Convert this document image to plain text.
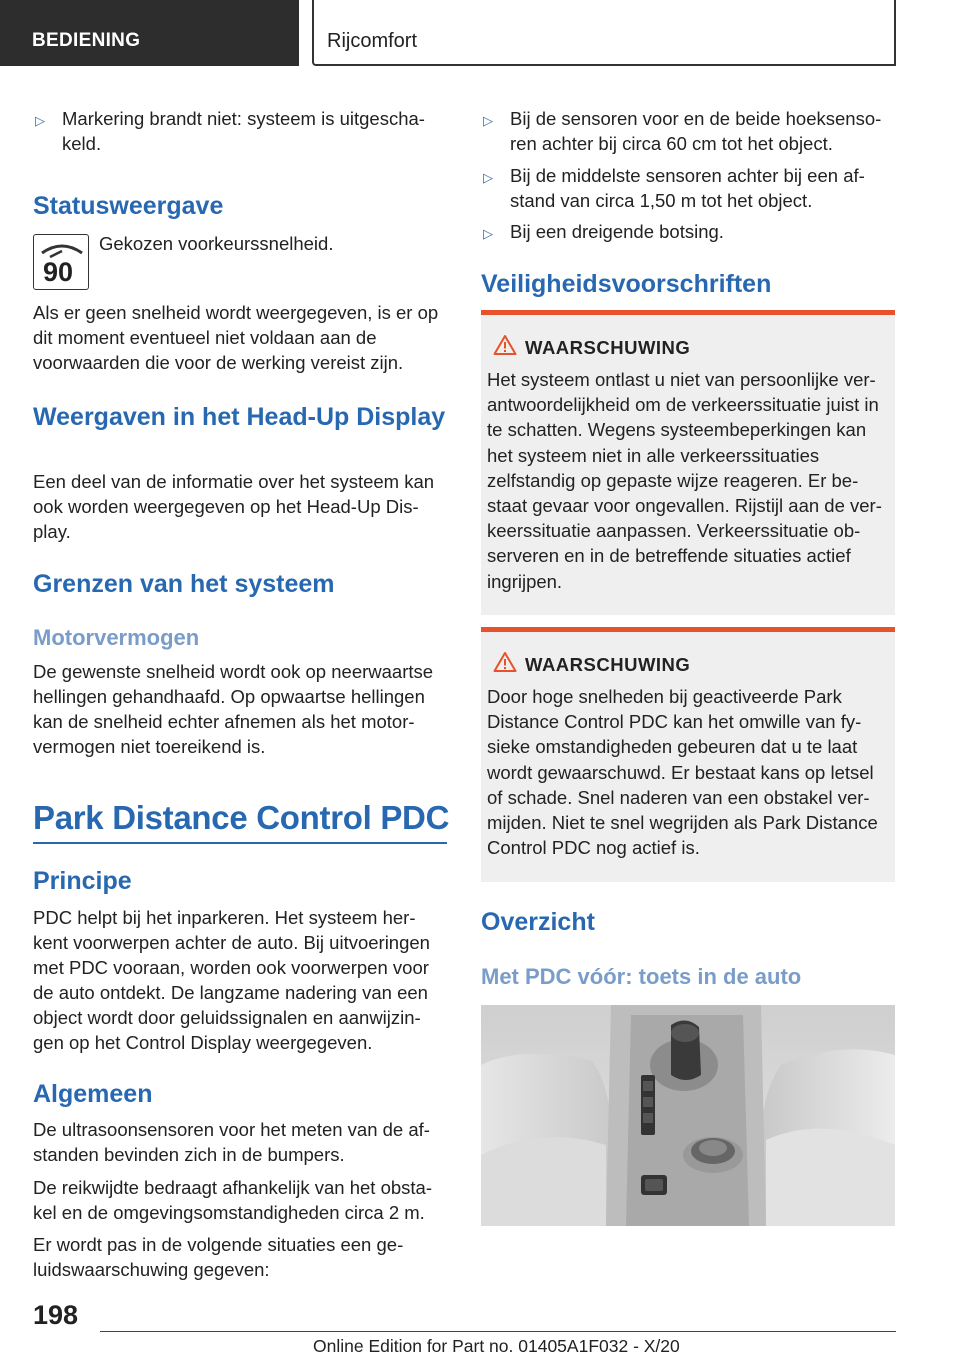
BEDIENING	Rijcomfort
▷ Markering brandt niet: systeem is uitgescha-
keld.
Statusweergave
90
Gekozen voorkeurssnelheid.
Als er geen snelheid wordt weergegeven, is er op dit moment eventueel niet voldaan aan de voorwaarden die voor de werking vereist zijn.
Weergaven in het Head-Up Display
Een deel van de informatie over het systeem kan ook worden weergegeven op het Head-Up Dis-play.
Grenzen van het systeem
Motorvermogen
De gewenste snelheid wordt ook op neerwaartse hellingen gehandhaafd. Op opwaartse hellingen kan de snelheid echter afnemen als het motor-vermogen niet toereikend is.
Park Distance Control PDC
Principe
PDC helpt bij het inparkeren. Het systeem her-kent voorwerpen achter de auto. Bij uitvoeringen met PDC vooraan, worden ook voorwerpen voor de auto ontdekt. De langzame nadering van een object wordt door geluidssignalen en aanwijzin-gen op het Control Display weergegeven.
Algemeen
De ultrasoonsensoren voor het meten van de af-standen bevinden zich in de bumpers.
De reikwijdte bedraagt afhankelijk van het obsta-kel en de omgevingsomstandigheden circa 2 m.
Er wordt pas in de volgende situaties een ge-luidswaarschuwing gegeven:
▷ Bij de sensoren voor en de beide hoeksenso-ren achter bij circa 60 cm tot het object.
▷ Bij de middelste sensoren achter bij een af-stand van circa 1,50 m tot het object.
▷ Bij een dreigende botsing.
Veiligheidsvoorschriften
WAARSCHUWING
Het systeem ontlast u niet van persoonlijke ver-antwoordelijkheid om de verkeerssituatie juist in te schatten. Wegens systeembeperkingen kan het systeem niet in alle verkeerssituaties zelfstandig op gepaste wijze reageren. Er be-staat gevaar voor ongevallen. Rijstijl aan de ver-keerssituatie aanpassen. Verkeerssituatie ob-serveren en in de betreffende situaties actief ingrijpen.
WAARSCHUWING
Door hoge snelheden bij geactiveerde Park Distance Control PDC kan het omwille van fy-sieke omstandigheden gebeuren dat u te laat wordt gewaarschuwd. Er bestaat kans op letsel of schade. Snel naderen van een obstakel ver-mijden. Niet te snel wegrijden als Park Distance Control PDC nog actief is.
Overzicht
Met PDC vóór: toets in de auto
198
Online Edition for Part no. 01405A1F032 - X/20
